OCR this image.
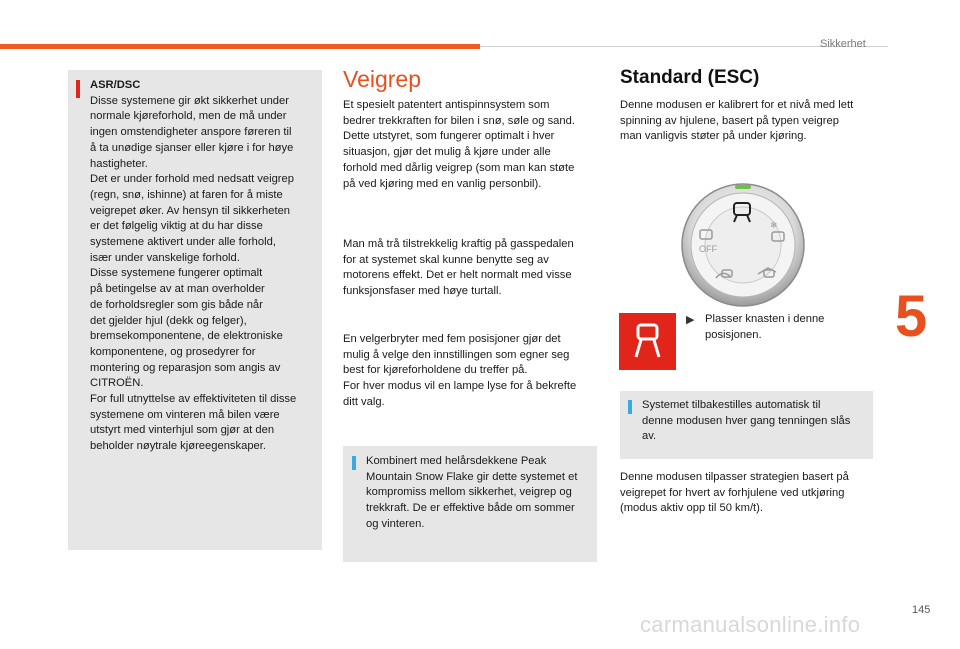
Sikkerhet
5
145
carmanualsonline.info
ASR/DSC
Disse systemene gir økt sikkerhet under
normale kjøreforhold, men de må under
ingen omstendigheter anspore føreren til
å ta unødige sjanser eller kjøre i for høye
hastigheter.
Det er under forhold med nedsatt veigrep
(regn, snø, ishinne) at faren for å miste
veigrepet øker. Av hensyn til sikkerheten
er det følgelig viktig at du har disse
systemene aktivert under alle forhold,
især under vanskelige forhold.
Disse systemene fungerer optimalt
på betingelse av at man overholder
de forholdsregler som gis både når
det gjelder hjul (dekk og felger),
bremsekomponentene, de elektroniske
komponentene, og prosedyrer for
montering og reparasjon som angis av
CITROËN.
For full utnyttelse av effektiviteten til disse
systemene om vinteren må bilen være
utstyrt med vinterhjul som gjør at den
beholder nøytrale kjøreegenskaper.
Veigrep
Et spesielt patentert antispinnsystem som
bedrer trekkraften for bilen i snø, søle og sand.
Dette utstyret, som fungerer optimalt i hver
situasjon, gjør det mulig å kjøre under alle
forhold med dårlig veigrep (som man kan støte
på ved kjøring med en vanlig personbil).
Man må trå tilstrekkelig kraftig på gasspedalen
for at systemet skal kunne benytte seg av
motorens effekt. Det er helt normalt med visse
funksjonsfaser med høye turtall.
En velgerbryter med fem posisjoner gjør det
mulig å velge den innstillingen som egner seg
best for kjøreforholdene du treffer på.
For hver modus vil en lampe lyse for å bekrefte
ditt valg.
Kombinert med helårsdekkene Peak
Mountain Snow Flake gir dette systemet et
kompromiss mellom sikkerhet, veigrep og
trekkraft. De er effektive både om sommer
og vinteren.
Standard (ESC)
Denne modusen er kalibrert for et nivå med lett
spinning av hjulene, basert på typen veigrep
man vanligvis støter på under kjøring.
❄
OFF
▶ Plasser knasten i denne
posisjonen.
Systemet tilbakestilles automatisk til
denne modusen hver gang tenningen slås
av.
Denne modusen tilpasser strategien basert på
veigrepet for hvert av forhjulene ved utkjøring
(modus aktiv opp til 50 km/t).
